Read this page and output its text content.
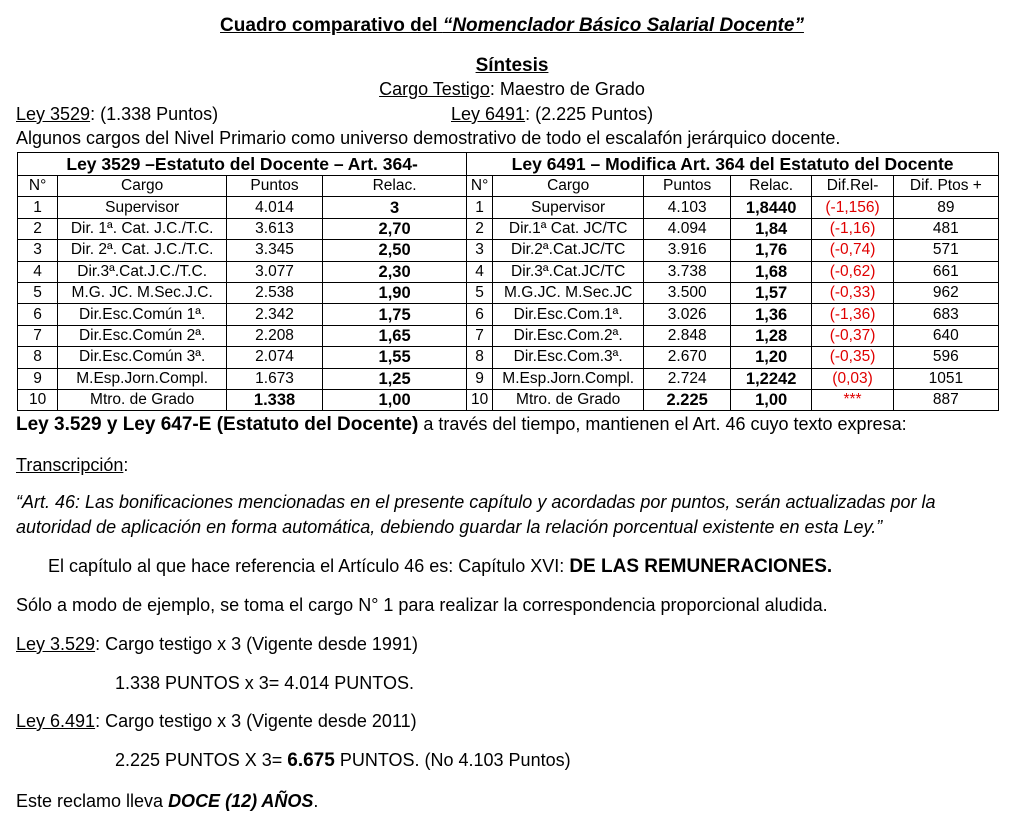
Cuadro comparativo del “Nomenclador Básico Salarial Docente”
Síntesis
Cargo Testigo: Maestro de Grado
Ley 3529: (1.338 Puntos)	Ley 6491: (2.225 Puntos)
Algunos cargos del Nivel Primario como universo demostrativo de todo el escalafón jerárquico docente.
Ley 3529 –Estatuto del Docente – Art. 364-				Ley 6491 – Modifica Art. 364 del Estatuto del Docente					
N°	Cargo	Puntos	Relac.	N°	Cargo	Puntos	Relac.	Dif.Rel-	Dif. Ptos +
1	Supervisor	4.014	3	1	Supervisor	4.103	1,8440	(-1,156)	89
2	Dir. 1ª. Cat. J.C./T.C.	3.613	2,70	2	Dir.1ª Cat. JC/TC	4.094	1,84	(-1,16)	481
3	Dir. 2ª. Cat. J.C./T.C.	3.345	2,50	3	Dir.2ª.Cat.JC/TC	3.916	1,76	(-0,74)	571
4	Dir.3ª.Cat.J.C./T.C.	3.077	2,30	4	Dir.3ª.Cat.JC/TC	3.738	1,68	(-0,62)	661
5	M.G. JC. M.Sec.J.C.	2.538	1,90	5	M.G.JC. M.Sec.JC	3.500	1,57	(-0,33)	962
6	Dir.Esc.Común 1ª.	2.342	1,75	6	Dir.Esc.Com.1ª.	3.026	1,36	(-1,36)	683
7	Dir.Esc.Común 2ª.	2.208	1,65	7	Dir.Esc.Com.2ª.	2.848	1,28	(-0,37)	640
8	Dir.Esc.Común 3ª.	2.074	1,55	8	Dir.Esc.Com.3ª.	2.670	1,20	(-0,35)	596
9	M.Esp.Jorn.Compl.	1.673	1,25	9	M.Esp.Jorn.Compl.	2.724	1,2242	(0,03)	1051
10	Mtro. de Grado	1.338	1,00	10	Mtro. de Grado	2.225	1,00	***	887
Ley 3.529 y Ley 647-E (Estatuto del Docente) a través del tiempo, mantienen el Art. 46 cuyo texto expresa:
Transcripción:
“Art. 46: Las bonificaciones mencionadas en el presente capítulo y acordadas por puntos, serán actualizadas por la
autoridad de aplicación en forma automática, debiendo guardar la relación porcentual existente en esta Ley.”
El capítulo al que hace referencia el Artículo 46 es: Capítulo XVI: DE LAS REMUNERACIONES.
Sólo a modo de ejemplo, se toma el cargo N° 1 para realizar la correspondencia proporcional aludida.
Ley 3.529: Cargo testigo x 3 (Vigente desde 1991)
1.338 PUNTOS x 3= 4.014 PUNTOS.
Ley 6.491: Cargo testigo x 3 (Vigente desde 2011)
2.225 PUNTOS X 3= 6.675 PUNTOS. (No 4.103 Puntos)
Este reclamo lleva DOCE (12) AÑOS.
